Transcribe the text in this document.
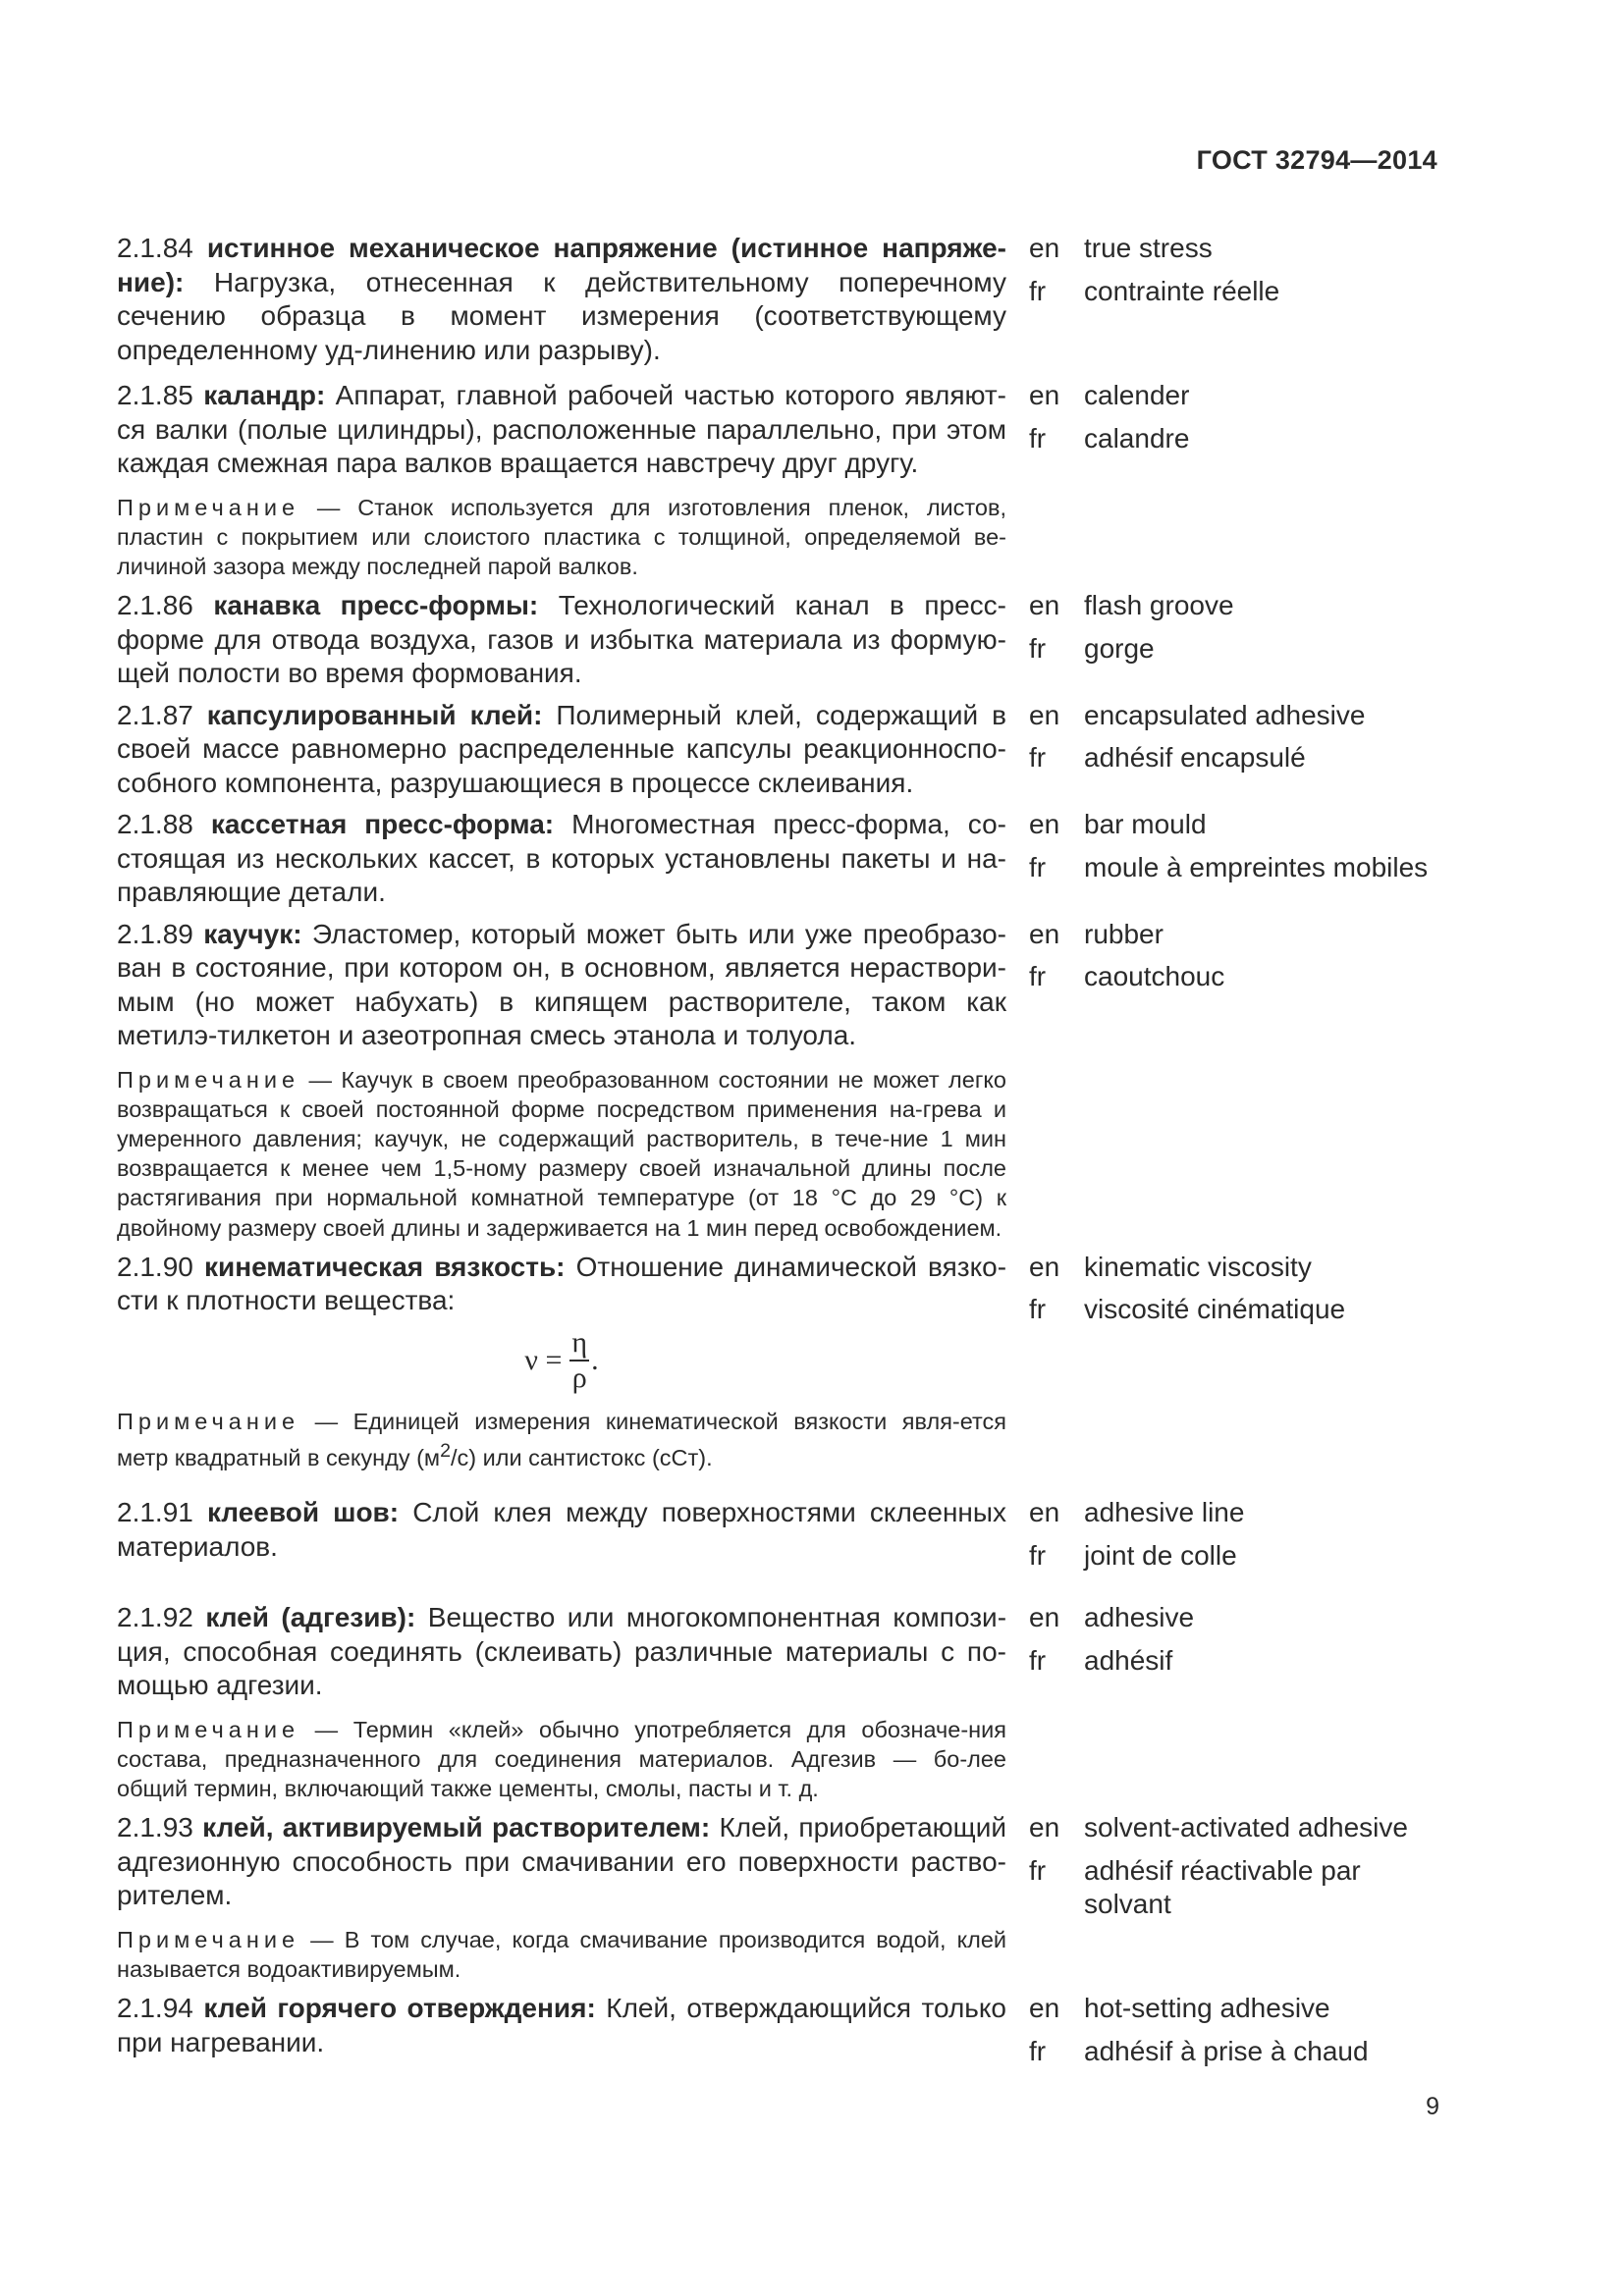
ГОСТ 32794—2014
2.1.84 истинное механическое напряжение (истинное напряже-ние): Нагрузка, отнесенная к действительному поперечному сечению образца в момент измерения (соответствующему определенному уд-линению или разрыву).
en true stress
fr	contrainte réelle
2.1.85 каландр: Аппарат, главной рабочей частью которого являют-ся валки (полые цилиндры), расположенные параллельно, при этом каждая смежная пара валков вращается навстречу друг другу.
Примечание — Станок используется для изготовления пленок, листов, пластин с покрытием или слоистого пластика с толщиной, определяемой ве-личиной зазора между последней парой валков.
en calender
fr	calandre
2.1.86 канавка пресс-формы: Технологический канал в пресс-форме для отвода воздуха, газов и избытка материала из формую-щей полости во время формования.
en flash groove
fr	gorge
2.1.87 капсулированный клей: Полимерный клей, содержащий в своей массе равномерно распределенные капсулы реакционноспо-собного компонента, разрушающиеся в процессе склеивания.
en encapsulated adhesive
fr	adhésif encapsulé
2.1.88 кассетная пресс-форма: Многоместная пресс-форма, со-стоящая из нескольких кассет, в которых установлены пакеты и на-правляющие детали.
en bar mould
fr	moule à empreintes mobiles
2.1.89 каучук: Эластомер, который может быть или уже преобразо-ван в состояние, при котором он, в основном, является нераствори-мым (но может набухать) в кипящем растворителе, таком как метилэ-тилкетон и азеотропная смесь этанола и толуола.
Примечание — Каучук в своем преобразованном состоянии не может легко возвращаться к своей постоянной форме посредством применения на-грева и умеренного давления; каучук, не содержащий растворитель, в тече-ние 1 мин возвращается к менее чем 1,5-ному размеру своей изначальной длины после растягивания при нормальной комнатной температуре (от 18 °C до 29 °C) к двойному размеру своей длины и задерживается на 1 мин перед освобождением.
en rubber
fr	caoutchouc
2.1.90 кинематическая вязкость: Отношение динамической вязко-сти к плотности вещества:
$\nu = \frac{\eta}{\rho}$ .
Примечание — Единицей измерения кинематической вязкости явля-ется метр квадратный в секунду $(м^2/с)$ или сантистокс (сСт).
en kinematic viscosity
fr	viscosité cinématique
2.1.91 клеевой шов: Слой клея между поверхностями склеенных материалов.
en adhesive line
fr	joint de colle
2.1.92 клей (адгезив): Вещество или многокомпонентная компози-ция, способная соединять (склеивать) различные материалы с по-мощью адгезии.
Примечание — Термин «клей» обычно употребляется для обозначе-ния состава, предназначенного для соединения материалов. Адгезив — бо-лее общий термин, включающий также цементы, смолы, пасты и т. д.
en adhesive
fr	adhésif
2.1.93 клей, активируемый растворителем: Клей, приобретающий адгезионную способность при смачивании его поверхности раство-рителем.
Примечание — В том случае, когда смачивание производится водой, клей называется водоактивируемым.
en solvent-activated adhesive
fr	adhésif réactivable par solvant
2.1.94 клей горячего отверждения: Клей, отверждающийся только при нагревании.
en hot-setting adhesive
fr	adhésif à prise à chaud
9
